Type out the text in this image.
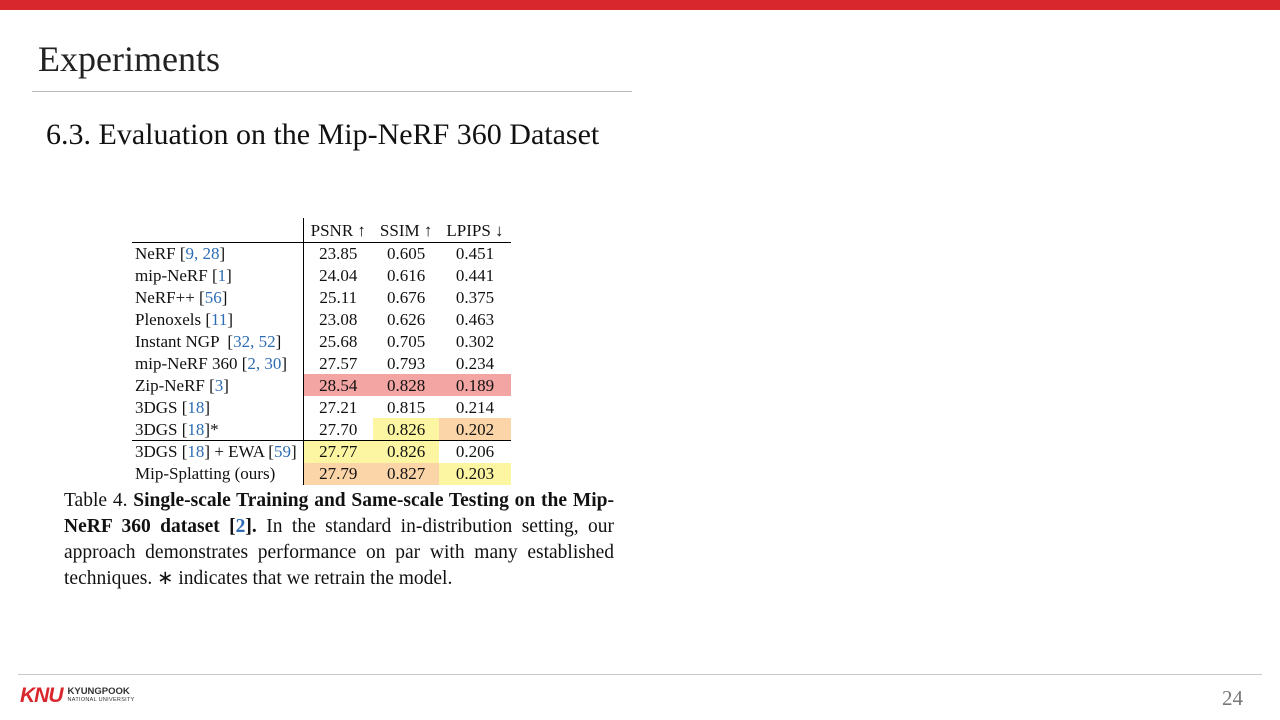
Experiments
6.3. Evaluation on the Mip-NeRF 360 Dataset
	PSNR ↑	SSIM ↑	LPIPS ↓
NeRF [9, 28]	23.85	0.605	0.451
mip-NeRF [1]	24.04	0.616	0.441
NeRF++ [56]	25.11	0.676	0.375
Plenoxels [11]	23.08	0.626	0.463
Instant NGP  [32, 52]	25.68	0.705	0.302
mip-NeRF 360 [2, 30]	27.57	0.793	0.234
Zip-NeRF [3]	28.54	0.828	0.189
3DGS [18]	27.21	0.815	0.214
3DGS [18]*	27.70	0.826	0.202
3DGS [18] + EWA [59]	27.77	0.826	0.206
Mip-Splatting (ours)	27.79	0.827	0.203

Table 4. Single-scale Training and Same-scale Testing on the Mip-NeRF 360 dataset [2]. In the standard in-distribution setting, our approach demonstrates performance on par with many established techniques. ∗ indicates that we retrain the model.

KNU KYUNGPOOK
NATIONAL UNIVERSITY	24
